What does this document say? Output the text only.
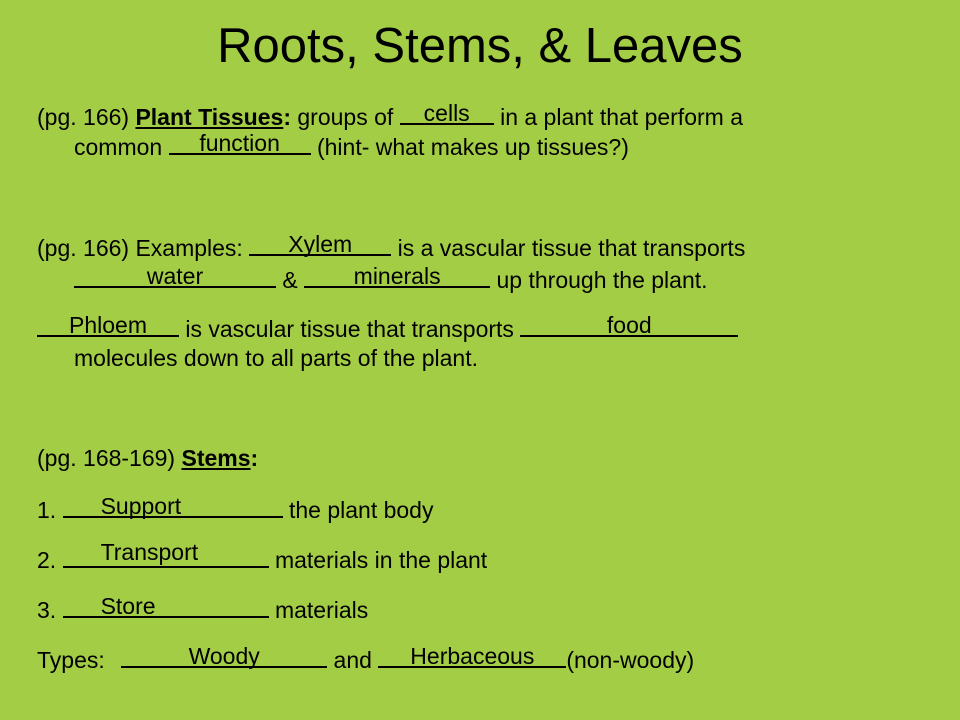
Roots, Stems, & Leaves
(pg. 166) Plant Tissues: groups of	cells	in a plant that perform a
common	function	(hint- what makes up tissues?)
(pg. 166) Examples:	Xylem	is a vascular tissue that transports
water	&	minerals	up through the plant.
Phloem	is vascular tissue that transports	food
molecules down to all parts of the plant.
(pg. 168-169) Stems:
1.	Support	the plant body
2.	Transport	materials in the plant
3.	Store	materials
Types:	Woody	and	Herbaceous	(non-woody)
